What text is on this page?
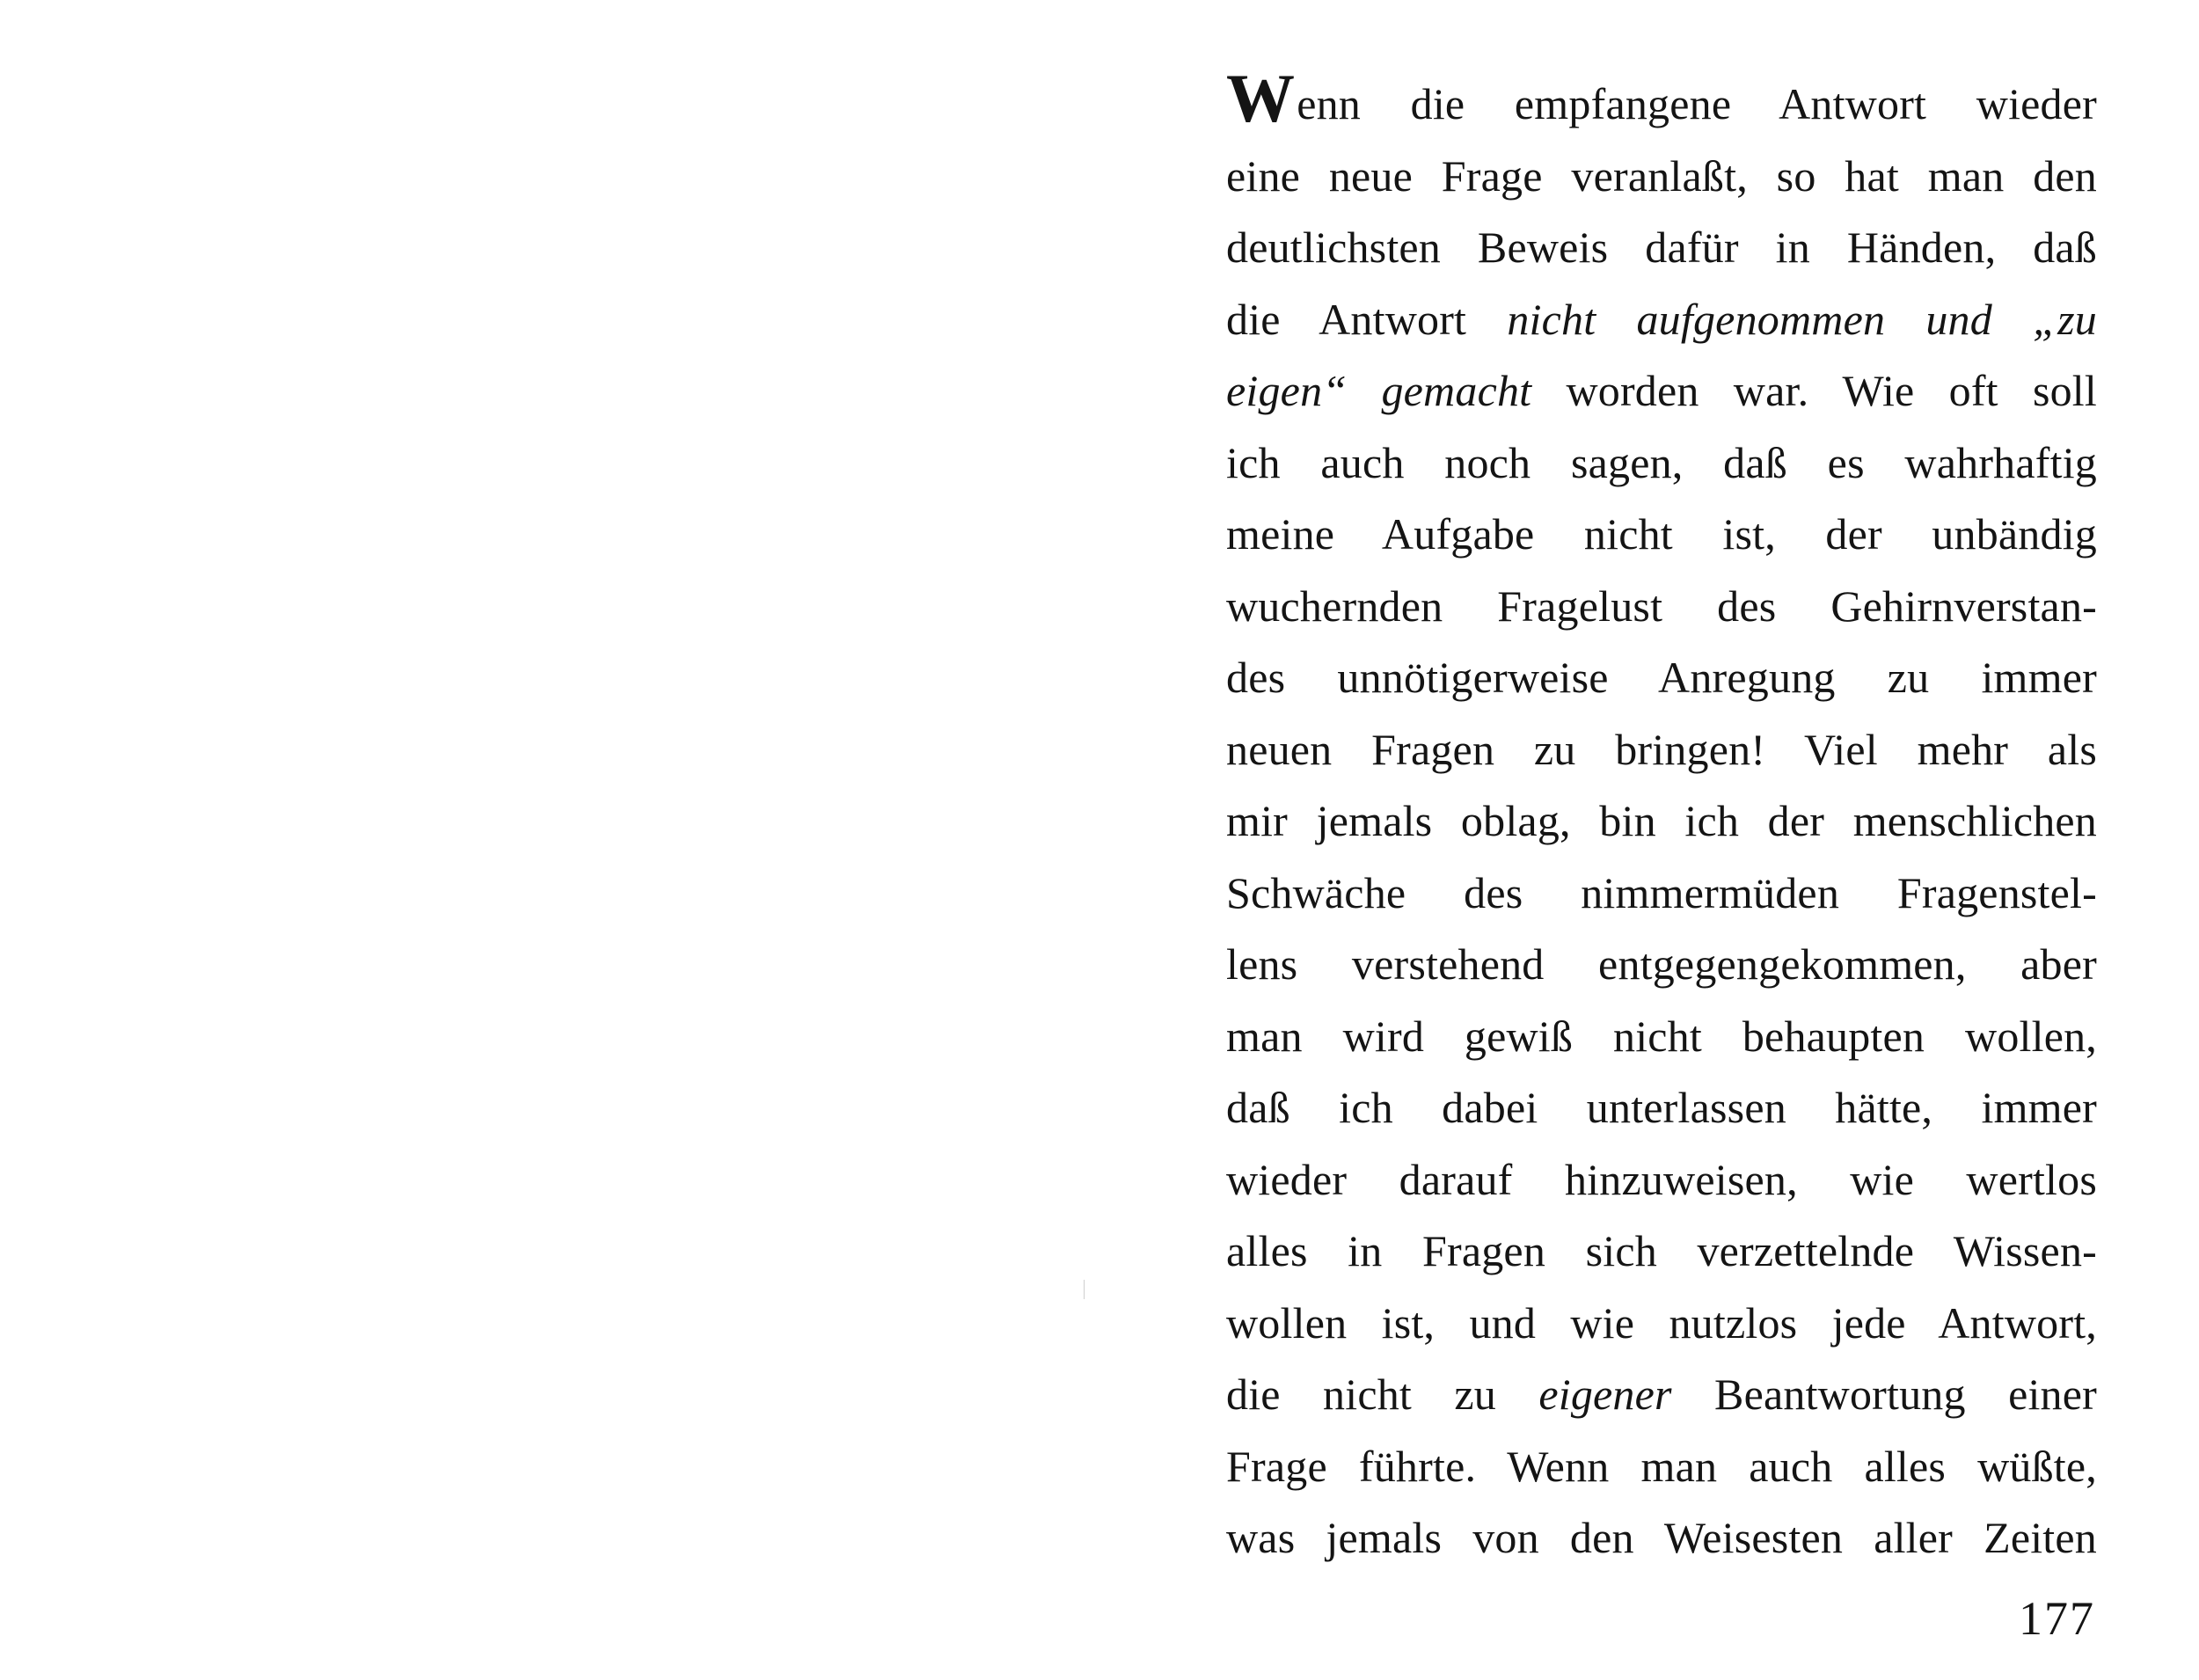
Wenn die empfangene Antwort wieder
eine neue Frage veranlaßt, so hat man den
deutlichsten Beweis dafür in Händen, daß
die Antwort nicht aufgenommen und „zu
eigen“ gemacht worden war. Wie oft soll
ich auch noch sagen, daß es wahrhaftig
meine Aufgabe nicht ist, der unbändig
wuchernden Fragelust des Gehirnverstan-
des unnötigerweise Anregung zu immer
neuen Fragen zu bringen! Viel mehr als
mir jemals oblag, bin ich der menschlichen
Schwäche des nimmermüden Fragenstel-
lens verstehend entgegengekommen, aber
man wird gewiß nicht behaupten wollen,
daß ich dabei unterlassen hätte, immer
wieder darauf hinzuweisen, wie wertlos
alles in Fragen sich verzettelnde Wissen-
wollen ist, und wie nutzlos jede Antwort,
die nicht zu eigener Beantwortung einer
Frage führte. Wenn man auch alles wüßte,
was jemals von den Weisesten aller Zeiten
177
